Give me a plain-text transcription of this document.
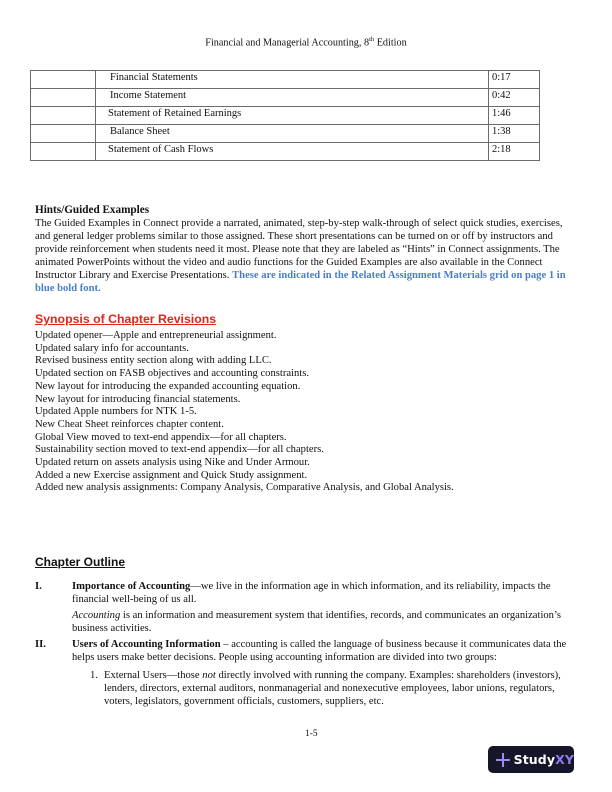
Financial and Managerial Accounting, 8th Edition
	Financial Statements	0:17
	Income Statement	0:42
	Statement of Retained Earnings	1:46
	Balance Sheet	1:38
	Statement of Cash Flows	2:18
Hints/Guided Examples

The Guided Examples in Connect provide a narrated, animated, step-by-step walk-through of select quick studies, exercises, and general ledger problems similar to those assigned. These short presentations can be turned on or off by instructors and provide reinforcement when students need it most. Please note that they are labeled as “Hints” in Connect assignments. The animated PowerPoints without the video and audio functions for the Guided Examples are also available in the Connect Instructor Library and Exercise Presentations. These are indicated in the Related Assignment Materials grid on page 1 in blue bold font.

Synopsis of Chapter Revisions
Updated opener—Apple and entrepreneurial assignment.
Updated salary info for accountants.
Revised business entity section along with adding LLC.
Updated section on FASB objectives and accounting constraints.
New layout for introducing the expanded accounting equation.
New layout for introducing financial statements.
Updated Apple numbers for NTK 1-5.
New Cheat Sheet reinforces chapter content.
Global View moved to text-end appendix—for all chapters.
Sustainability section moved to text-end appendix—for all chapters.
Updated return on assets analysis using Nike and Under Armour.
Added a new Exercise assignment and Quick Study assignment.
Added new analysis assignments: Company Analysis, Comparative Analysis, and Global Analysis.
Chapter Outline
I.	Importance of Accounting—we live in the information age in which information, and its reliability, impacts the financial well-being of us all.

Accounting is an information and measurement system that identifies, records, and communicates an organization’s business activities.

II. Users of Accounting Information – accounting is called the language of business because it communicates data the helps users make better decisions. People using accounting information are divided into two groups:

1. External Users—those not directly involved with running the company. Examples: shareholders (investors), lenders, directors, external auditors, nonmanagerial and nonexecutive employees, labor unions, regulators, voters, legislators, government officials, customers, suppliers, etc.
1-5
StudyXY
